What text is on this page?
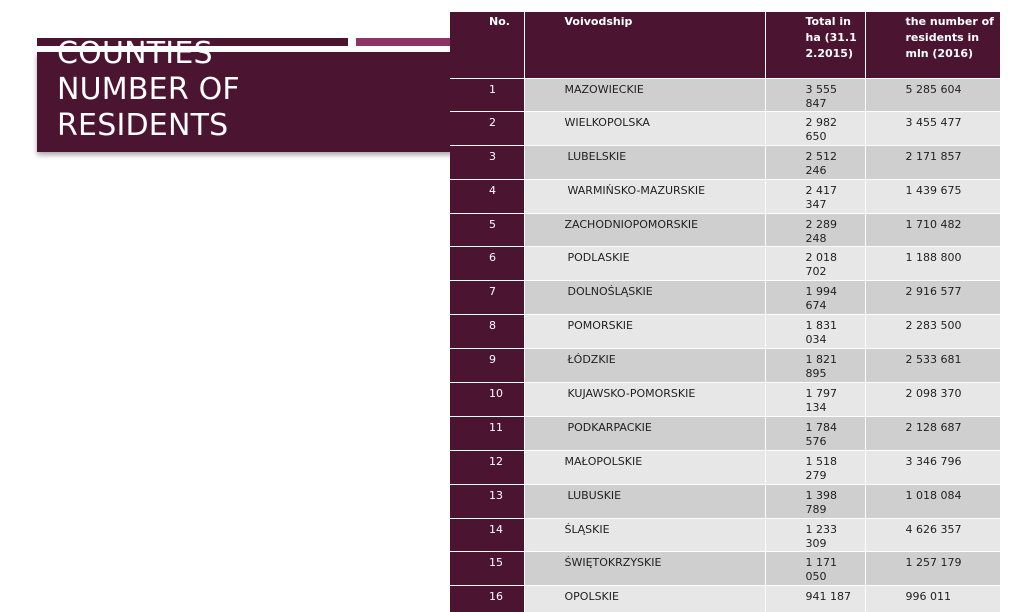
COUNTIES
NUMBER OF
RESIDENTS
No.	Voivodship	Total in ha (31.12.2015)	the number of residents in mln (2016)
1	MAZOWIECKIE	3 555 847	5 285 604
2	WIELKOPOLSKA	2 982 650	3 455 477
3	LUBELSKIE	2 512 246	2 171 857
4	WARMIŃSKO-MAZURSKIE	2 417 347	1 439 675
5	ZACHODNIOPOMORSKIE	2 289 248	1 710 482
6	PODLASKIE	2 018 702	1 188 800
7	DOLNOŚLĄSKIE	1 994 674	2 916 577
8	POMORSKIE	1 831 034	2 283 500
9	ŁÓDZKIE	1 821 895	2 533 681
10	KUJAWSKO-POMORSKIE	1 797 134	2 098 370
11	PODKARPACKIE	1 784 576	2 128 687
12	MAŁOPOLSKIE	1 518 279	3 346 796
13	LUBUSKIE	1 398 789	1 018 084
14	ŚLĄSKIE	1 233 309	4 626 357
15	ŚWIĘTOKRZYSKIE	1 171 050	1 257 179
16	OPOLSKIE	941 187	996 011
